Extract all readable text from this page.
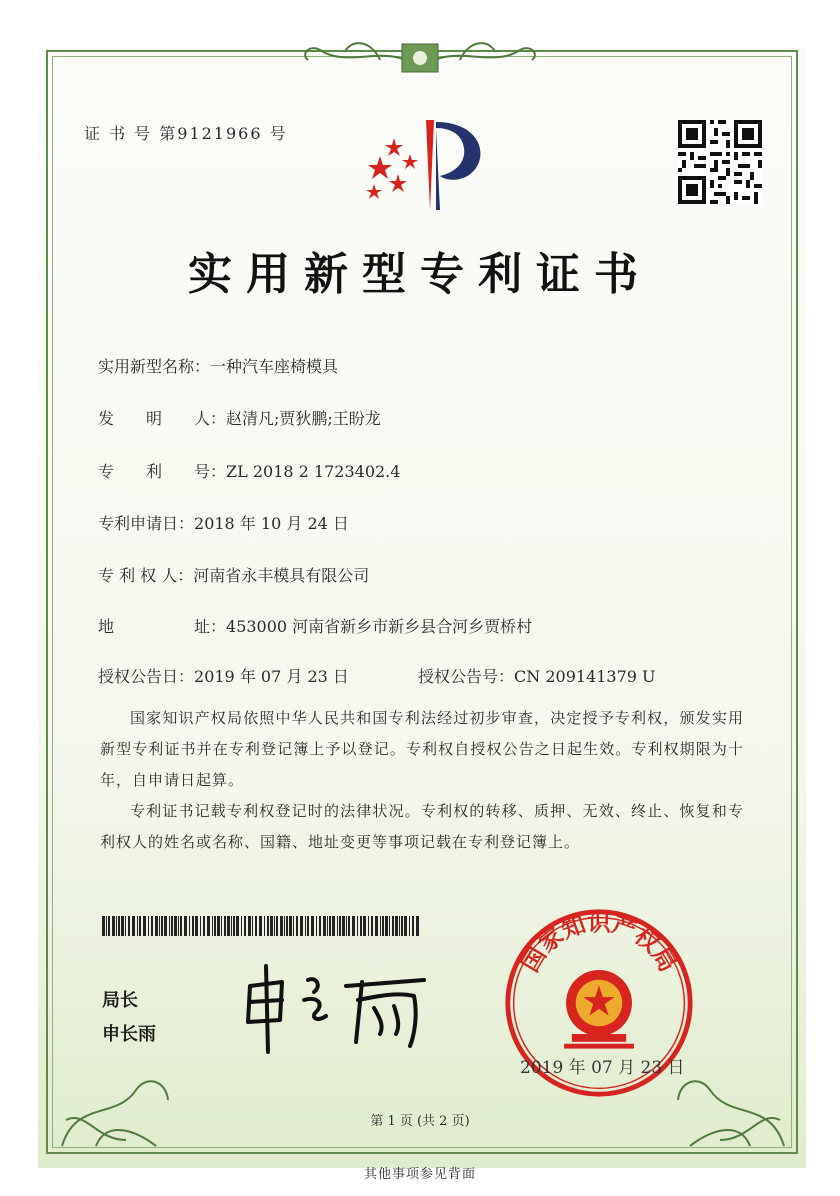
证 书 号 第9121966 号
实用新型专利证书
实用新型名称：一种汽车座椅模具
发　　明　　人：赵清凡;贾狄鹏;王盼龙
专　　利　　号：ZL 2018 2 1723402.4
专利申请日：2018 年 10 月 24 日
专 利 权 人：河南省永丰模具有限公司
地　　　　　址：453000 河南省新乡市新乡县合河乡贾桥村
授权公告日：2019 年 07 月 23 日	授权公告号：CN 209141379 U
国家知识产权局依照中华人民共和国专利法经过初步审查，决定授予专利权，颁发实用新型专利证书并在专利登记簿上予以登记。专利权自授权公告之日起生效。专利权期限为十年，自申请日起算。
专利证书记载专利权登记时的法律状况。专利权的转移、质押、无效、终止、恢复和专利权人的姓名或名称、国籍、地址变更等事项记载在专利登记簿上。
局长
申长雨
国家知识产权局
2019 年 07 月 23 日
第 1 页 (共 2 页)
其他事项参见背面
